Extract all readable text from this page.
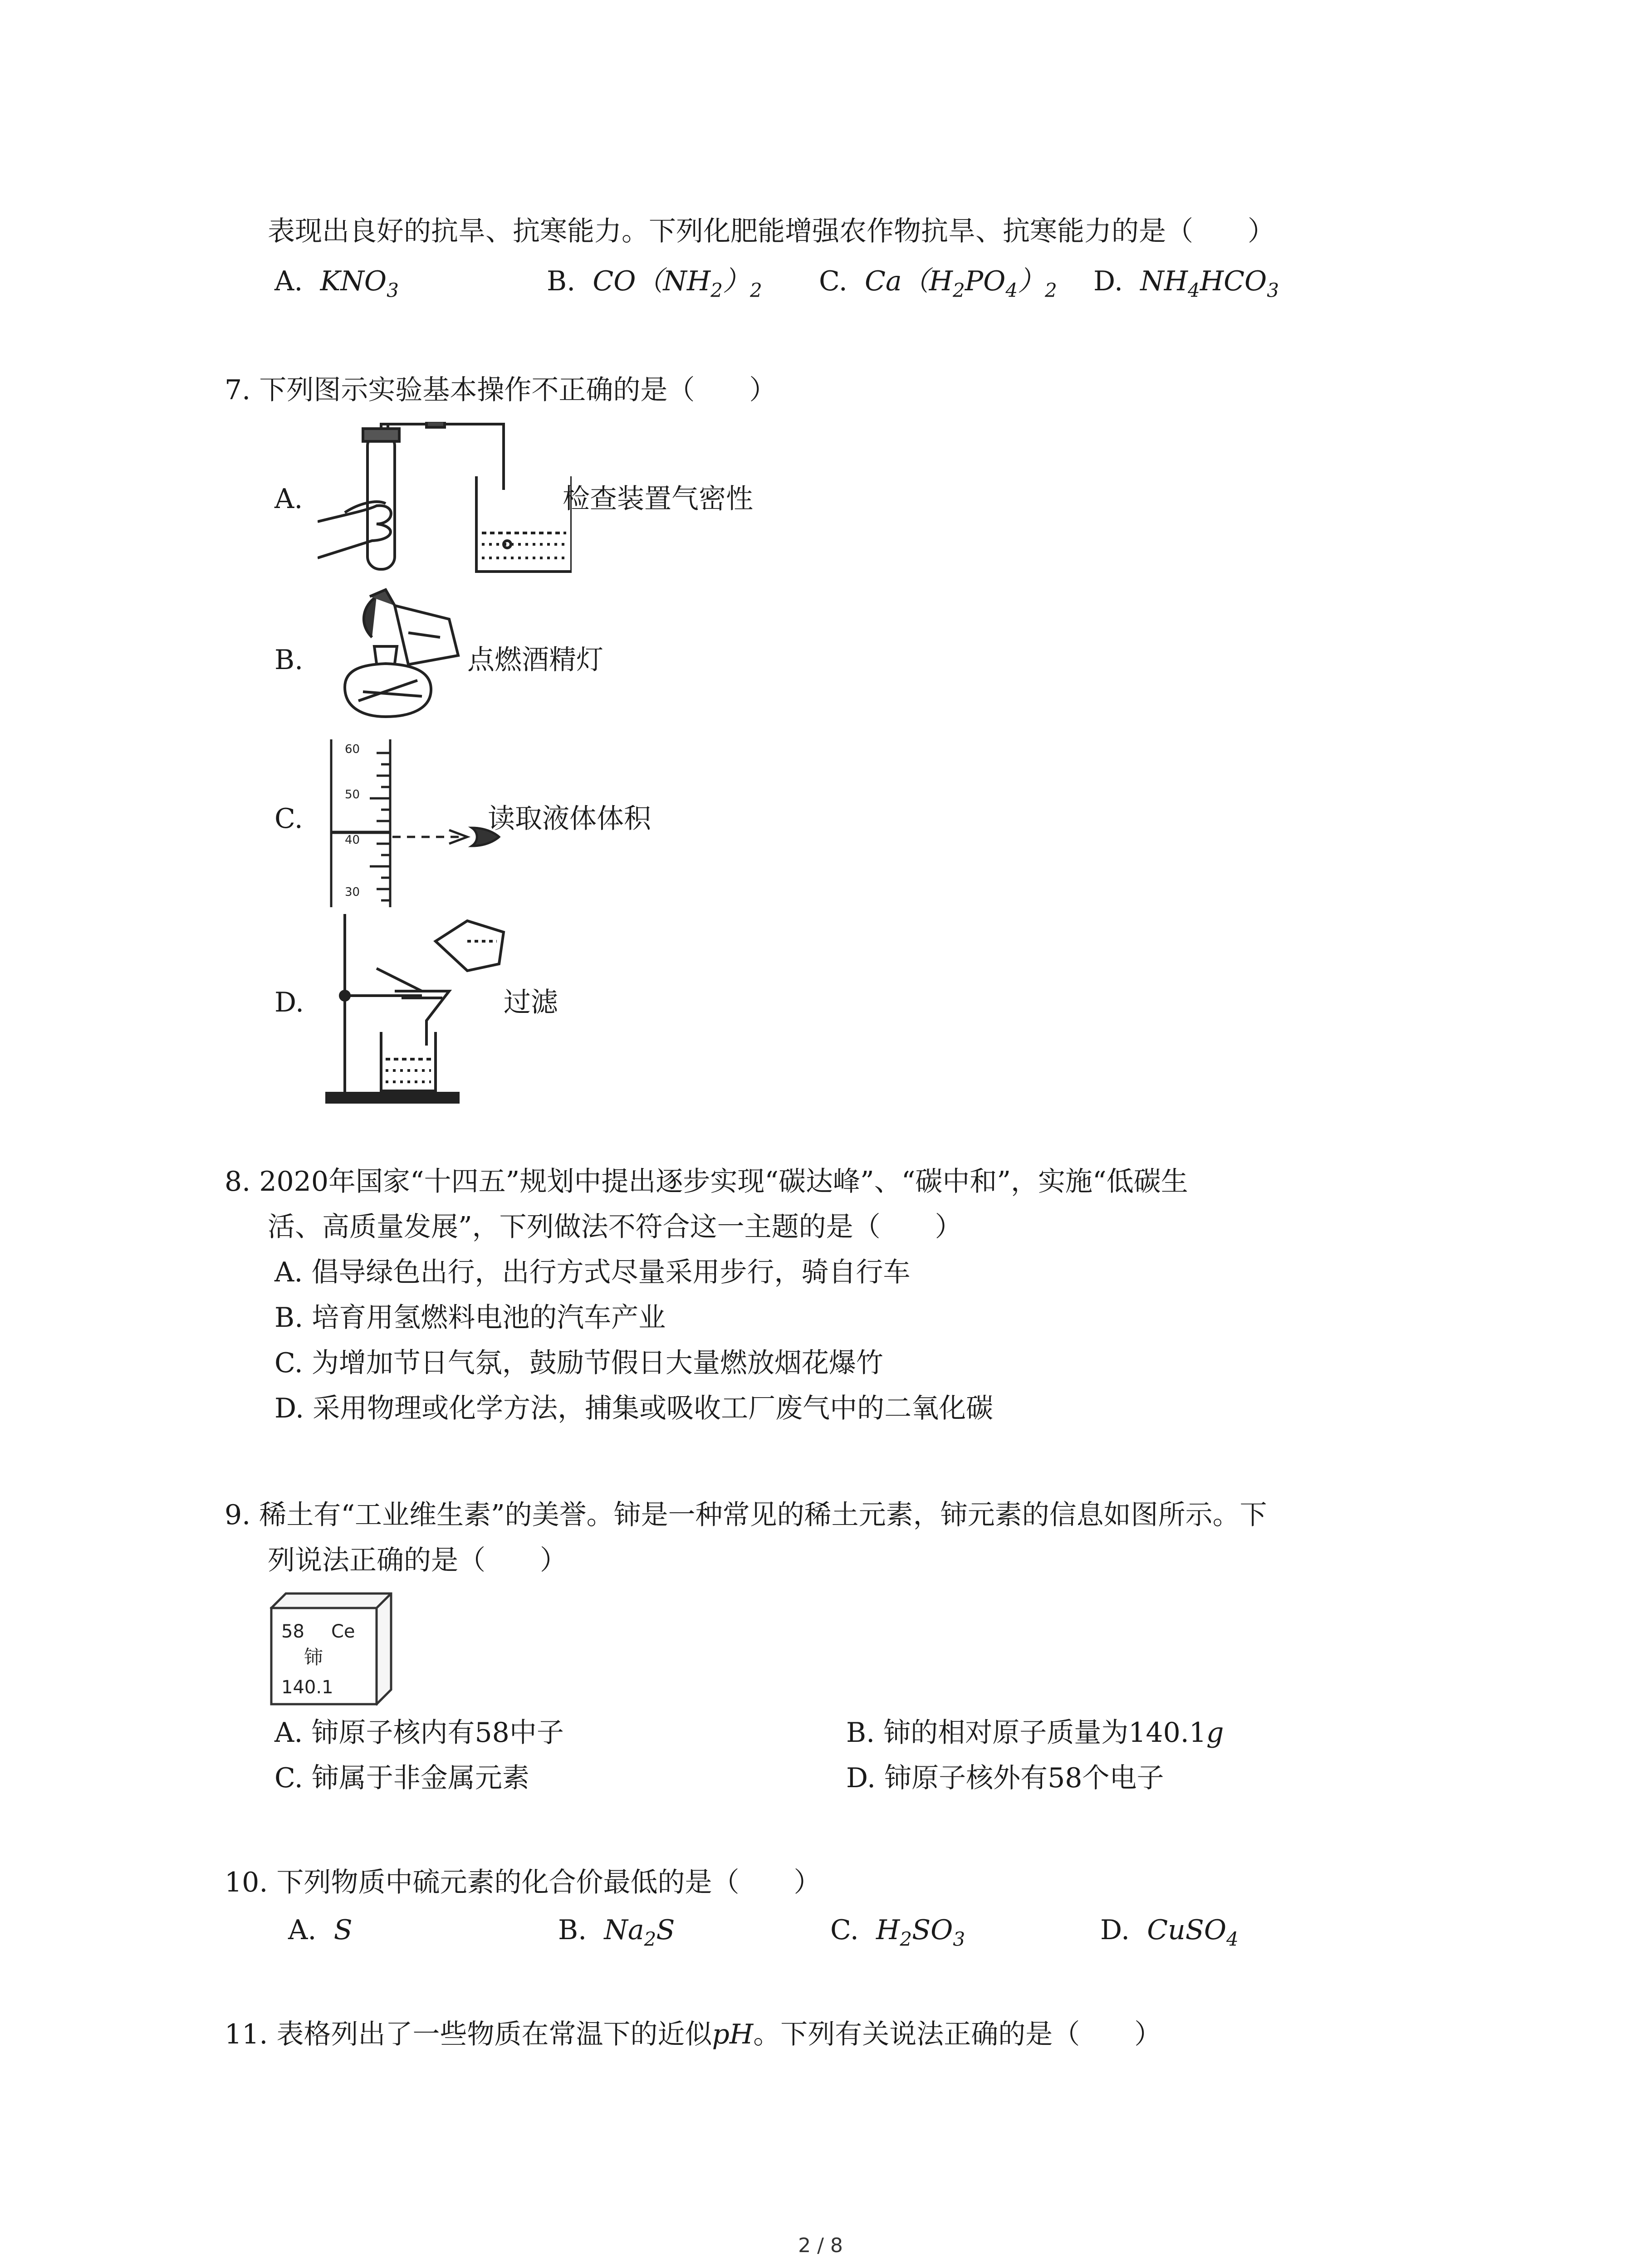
表现出良好的抗旱、抗寒能力。下列化肥能增强农作物抗旱、抗寒能力的是（　　）
A. $KNO_3$	B. $CO(NH_2)_2$ C. $Ca(H_2PO_4)_2$ D. $NH_4HCO_3$
7. 下列图示实验基本操作不正确的是（　　）
A.	检查装置气密性
B.	点燃酒精灯
C.
60
50
40
30
读取液体体积
D.	过滤
8. 2020年国家“十四五”规划中提出逐步实现“碳达峰”、“碳中和”，实施“低碳生
活、高质量发展”，下列做法不符合这一主题的是（　　）
A. 倡导绿色出行，出行方式尽量采用步行，骑自行车
B. 培育用氢燃料电池的汽车产业
C. 为增加节日气氛，鼓励节假日大量燃放烟花爆竹
D. 采用物理或化学方法，捕集或吸收工厂废气中的二氧化碳
9. 稀土有“工业维生素”的美誉。铈是一种常见的稀土元素，铈元素的信息如图所示。下
列说法正确的是（　　）
58 Ce
铈
140.1
A. 铈原子核内有58中子	B. 铈的相对原子质量为140.1g
C. 铈属于非金属元素	D. 铈原子核外有58个电子
10. 下列物质中硫元素的化合价最低的是（　　）
A. S	B. $Na_2S$	C. $H_2SO_3$	D. CuSO$_4$
11. 表格列出了一些物质在常温下的近似pH。下列有关说法正确的是（　　）
2 / 8
